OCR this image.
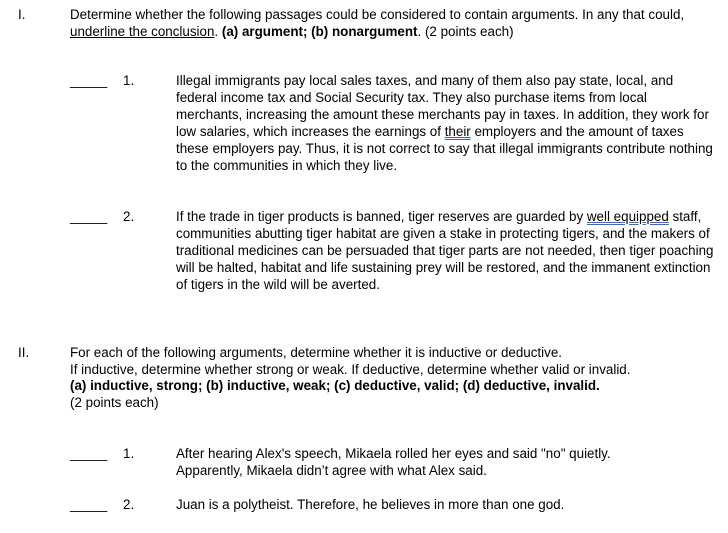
I.	Determine whether the following passages could be considered to contain arguments. In any that could, underline the conclusion. (a) argument; (b) nonargument. (2 points each)
_____ 1.	Illegal immigrants pay local sales taxes, and many of them also pay state, local, and federal income tax and Social Security tax. They also purchase items from local merchants, increasing the amount these merchants pay in taxes. In addition, they work for low salaries, which increases the earnings of their employers and the amount of taxes these employers pay. Thus, it is not correct to say that illegal immigrants contribute nothing to the communities in which they live.
_____ 2.	If the trade in tiger products is banned, tiger reserves are guarded by well equipped staff, communities abutting tiger habitat are given a stake in protecting tigers, and the makers of traditional medicines can be persuaded that tiger parts are not needed, then tiger poaching will be halted, habitat and life sustaining prey will be restored, and the immanent extinction of tigers in the wild will be averted.
II.	For each of the following arguments, determine whether it is inductive or deductive.
If inductive, determine whether strong or weak. If deductive, determine whether valid or invalid.
(a) inductive, strong; (b) inductive, weak; (c) deductive, valid; (d) deductive, invalid.
(2 points each)
_____ 1.	After hearing Alex's speech, Mikaela rolled her eyes and said "no" quietly. Apparently, Mikaela didn’t agree with what Alex said.
_____ 2.	Juan is a polytheist. Therefore, he believes in more than one god.
